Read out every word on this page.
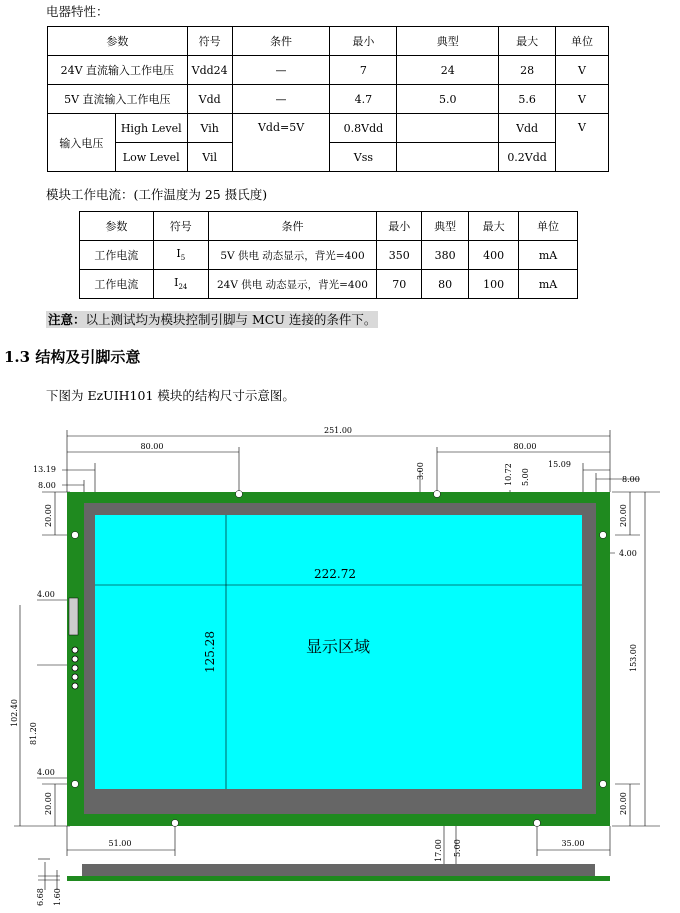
电器特性：
参数		符号	条件	最小	典型	最大	单位
24V 直流输入工作电压		Vdd24	—	7	24	28	V
5V 直流输入工作电压		Vdd	—	4.7	5.0	5.6	V
输入电压	High Level	Vih	Vdd=5V	0.8Vdd		Vdd	V
	Low Level	Vil		Vss		0.2Vdd	
模块工作电流：(工作温度为 25 摄氏度)
参数	符号	条件	最小	典型	最大	单位
工作电流	$I_5$	5V 供电 动态显示，背光=400	350	380	400	mA
工作电流	$I_{24}$	24V 供电 动态显示，背光=400	70	80	100	mA
注意：以上测试均为模块控制引脚与 MCU 连接的条件下。
1.3 结构及引脚示意
下图为 EzUIH101 模块的结构尺寸示意图。
222.72
125.28	显示区域
251.00
80.00	80.00
13.19
8.00
15.09
8.00
3.00	10.72 5.00
20.00	20.00
4.00
4.00
153.00
102.40
81.20
4.00
20.00	20.00
51.00	35.00
17.00 5.00
6.68 1.60
